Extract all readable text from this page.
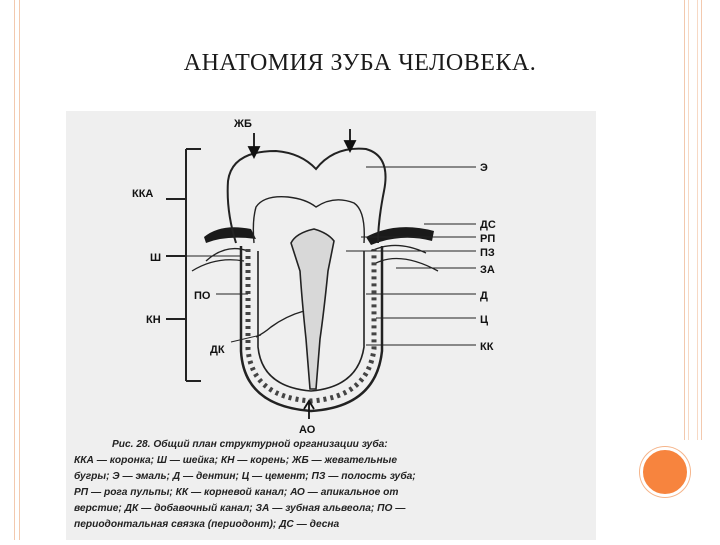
АНАТОМИЯ ЗУБА ЧЕЛОВЕКА.
ЖБ
ККА
Ш
ПО
КН
ДК
Э
ДС
РП
ПЗ
ЗА
Д
Ц
КК
АО
Рис. 28. Общий план структурной организации зуба:
ККА — коронка; Ш — шейка; КН — корень; ЖБ — жевательные
бугры; Э — эмаль; Д — дентин; Ц — цемент; ПЗ — полость зуба;
РП — рога пульпы; КК — корневой канал; АО — апикальное от
верстие; ДК — добавочный канал; ЗА — зубная альвеола; ПО —
периодонтальная связка (периодонт); ДС — десна
